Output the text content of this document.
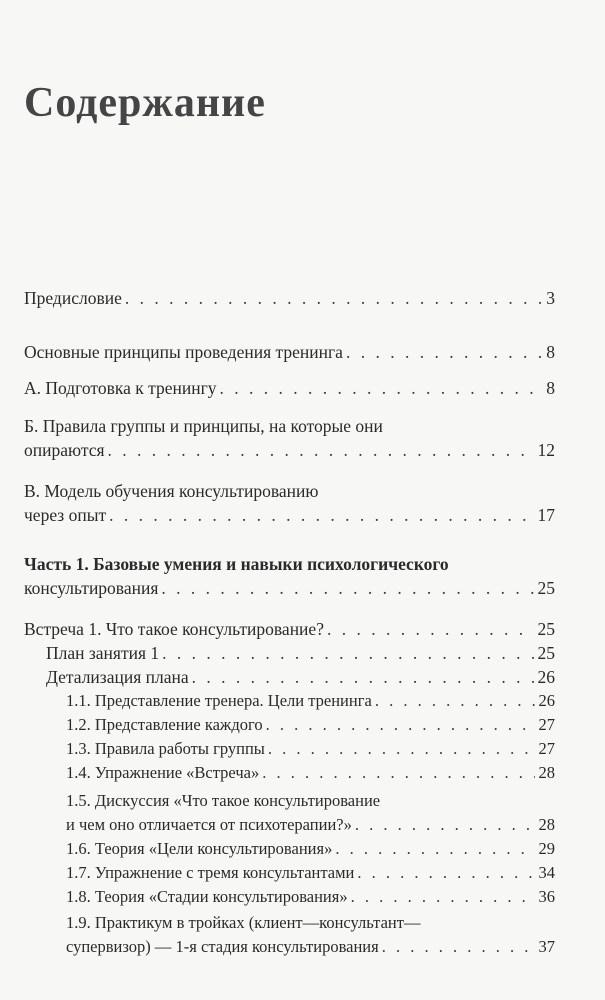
Содержание
Предисловие . . .	3
Основные принципы проведения тренинга . . .	8
А. Подготовка к тренингу . . .	8
Б. Правила группы и принципы, на которые они
опираются . . .	12
В. Модель обучения консультированию
через опыт . . .	17
Часть 1. Базовые умения и навыки психологического
консультирования . . .	25
Встреча 1. Что такое консультирование? . . .	25
План занятия 1 . . .	25
Детализация плана . . .	26
1.1. Представление тренера. Цели тренинга . . .	26
1.2. Представление каждого . . .	27
1.3. Правила работы группы . . .	27
1.4. Упражнение «Встреча» . . .	28
1.5. Дискуссия «Что такое консультирование
и чем оно отличается от психотерапии?» . . .	28
1.6. Теория «Цели консультирования» . . .	29
1.7. Упражнение с тремя консультантами . . .	34
1.8. Теория «Стадии консультирования» . . .	36
1.9. Практикум в тройках (клиент—консультант—
супервизор) — 1-я стадия консультирования . . .	37
